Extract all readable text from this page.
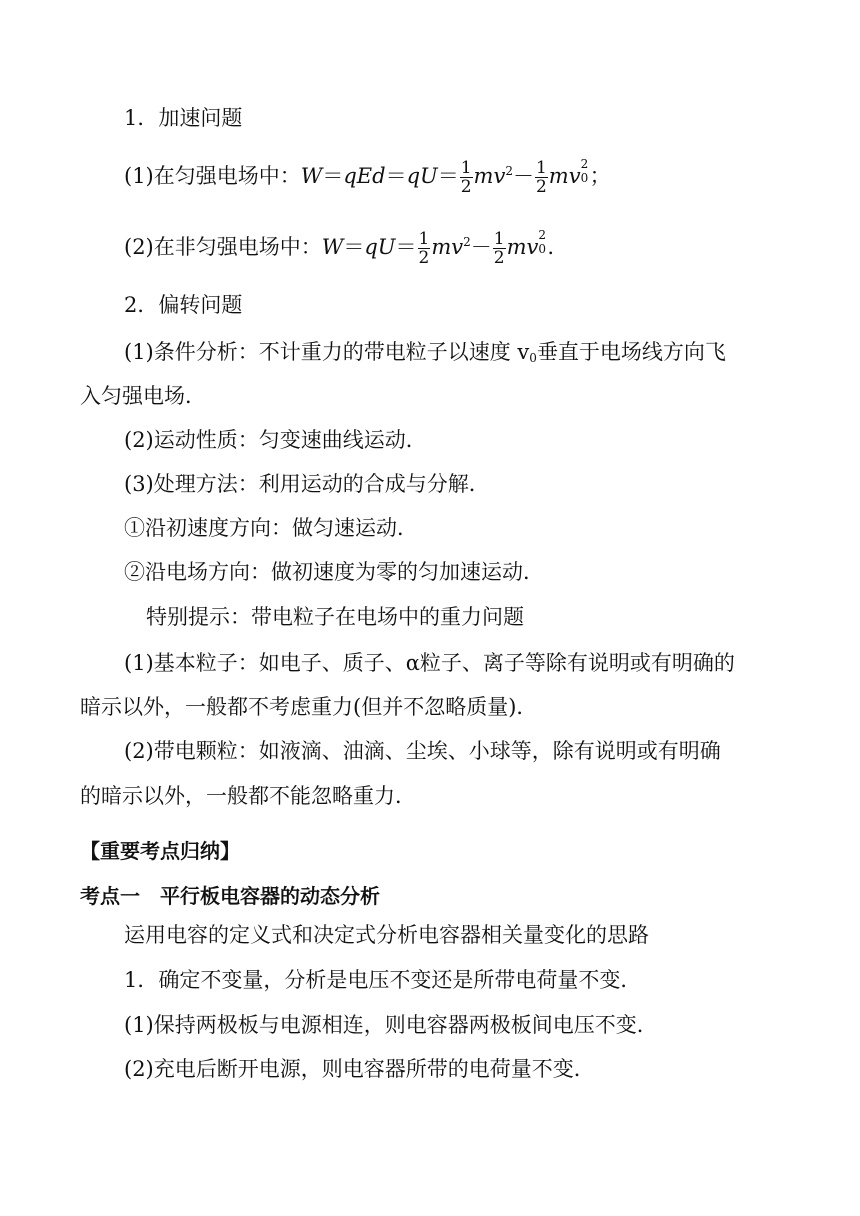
1．加速问题
(1)在匀强电场中：$W=qEd=qU= \frac{1}{2} mv^2- \frac{1}{2}$ mv 2
0 ；
(2)在非匀强电场中：$W=qU= \frac{1}{2} mv^2- \frac{1}{2}$ mv 2
0 .
2．偏转问题
(1)条件分析：不计重力的带电粒子以速度 $v_0$垂直于电场线方向飞
入匀强电场．
(2)运动性质：匀变速曲线运动．
(3)处理方法：利用运动的合成与分解．
①沿初速度方向：做匀速运动．
②沿电场方向：做初速度为零的匀加速运动．
特别提示：带电粒子在电场中的重力问题
(1)基本粒子：如电子、质子、α粒子、离子等除有说明或有明确的
暗示以外，一般都不考虑重力(但并不忽略质量)．
(2)带电颗粒：如液滴、油滴、尘埃、小球等，除有说明或有明确
的暗示以外，一般都不能忽略重力．
【重要考点归纳】
考点一　平行板电容器的动态分析
运用电容的定义式和决定式分析电容器相关量变化的思路
1．确定不变量，分析是电压不变还是所带电荷量不变．
(1)保持两极板与电源相连，则电容器两极板间电压不变．
(2)充电后断开电源，则电容器所带的电荷量不变．
